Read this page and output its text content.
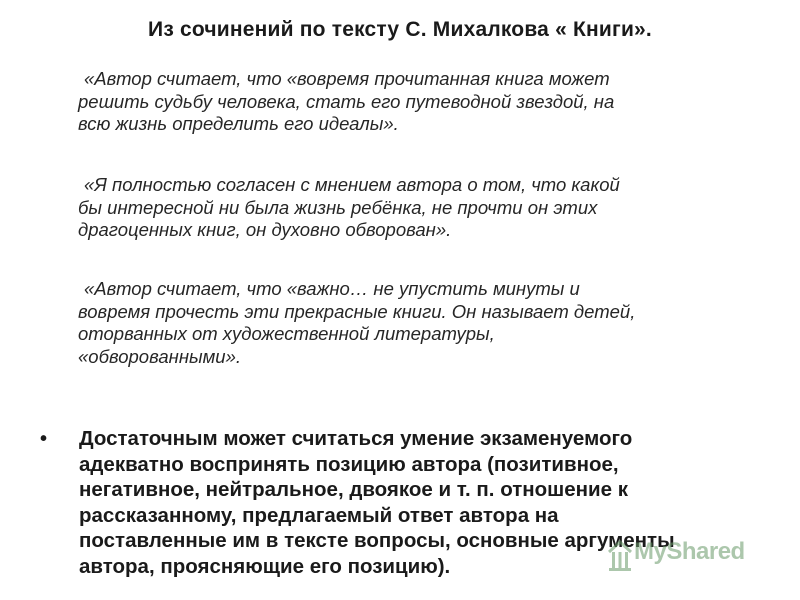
Из сочинений по тексту С. Михалкова « Книги».

«Автор считает, что «вовремя прочитанная книга может
решить судьбу человека, стать его путеводной звездой, на
всю жизнь определить его идеалы».

«Я полностью согласен с мнением автора о том, что какой
бы интересной ни была жизнь ребёнка, не прочти он этих
драгоценных книг, он духовно обворован».

«Автор считает, что «важно… не упустить минуты и
вовремя прочесть эти прекрасные книги. Он называет детей,
оторванных от художественной литературы,
«обворованными».

• Достаточным может считаться умение экзаменуемого
адекватно воспринять позицию автора (позитивное,
негативное, нейтральное, двоякое и т. п. отношение к
рассказанному, предлагаемый ответ автора на
поставленные им в тексте вопросы, основные аргументы
автора, проясняющие его позицию).
MyShared
